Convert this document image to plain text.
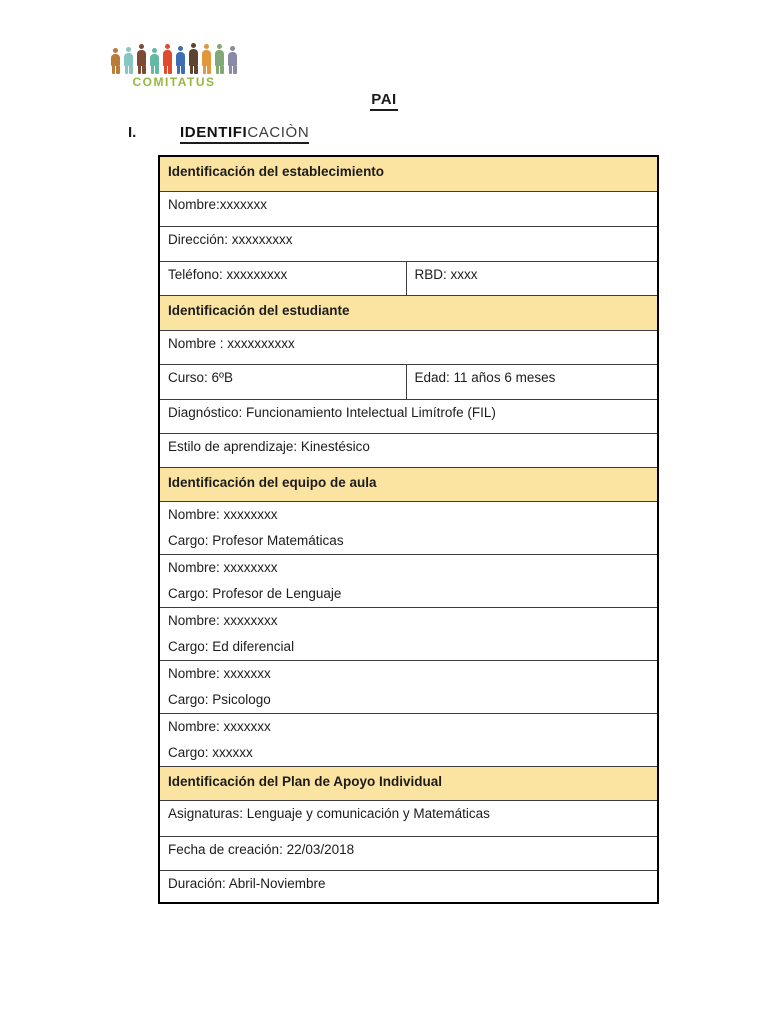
COMITATUS
PAI
I.	IDENTIFICACIÒN
Identificación del establecimiento	
Nombre:xxxxxxx	
Dirección: xxxxxxxxx	
Teléfono: xxxxxxxxx	RBD: xxxx
Identificación del estudiante	
Nombre : xxxxxxxxxx	
Curso: 6ºB	Edad: 11 años 6 meses
Diagnóstico: Funcionamiento Intelectual Limítrofe (FIL)	
Estilo de aprendizaje: Kinestésico	
Identificación del equipo de aula	

Nombre: xxxxxxxx
Cargo: Profesor Matemáticas	

Nombre: xxxxxxxx
Cargo: Profesor de Lenguaje	

Nombre: xxxxxxxx
Cargo: Ed diferencial	

Nombre: xxxxxxx
Cargo: Psicologo	

Nombre: xxxxxxx
Cargo: xxxxxx	

Identificación del Plan de Apoyo Individual	
Asignaturas: Lenguaje y comunicación y Matemáticas	
Fecha de creación: 22/03/2018	
Duración: Abril-Noviembre	
